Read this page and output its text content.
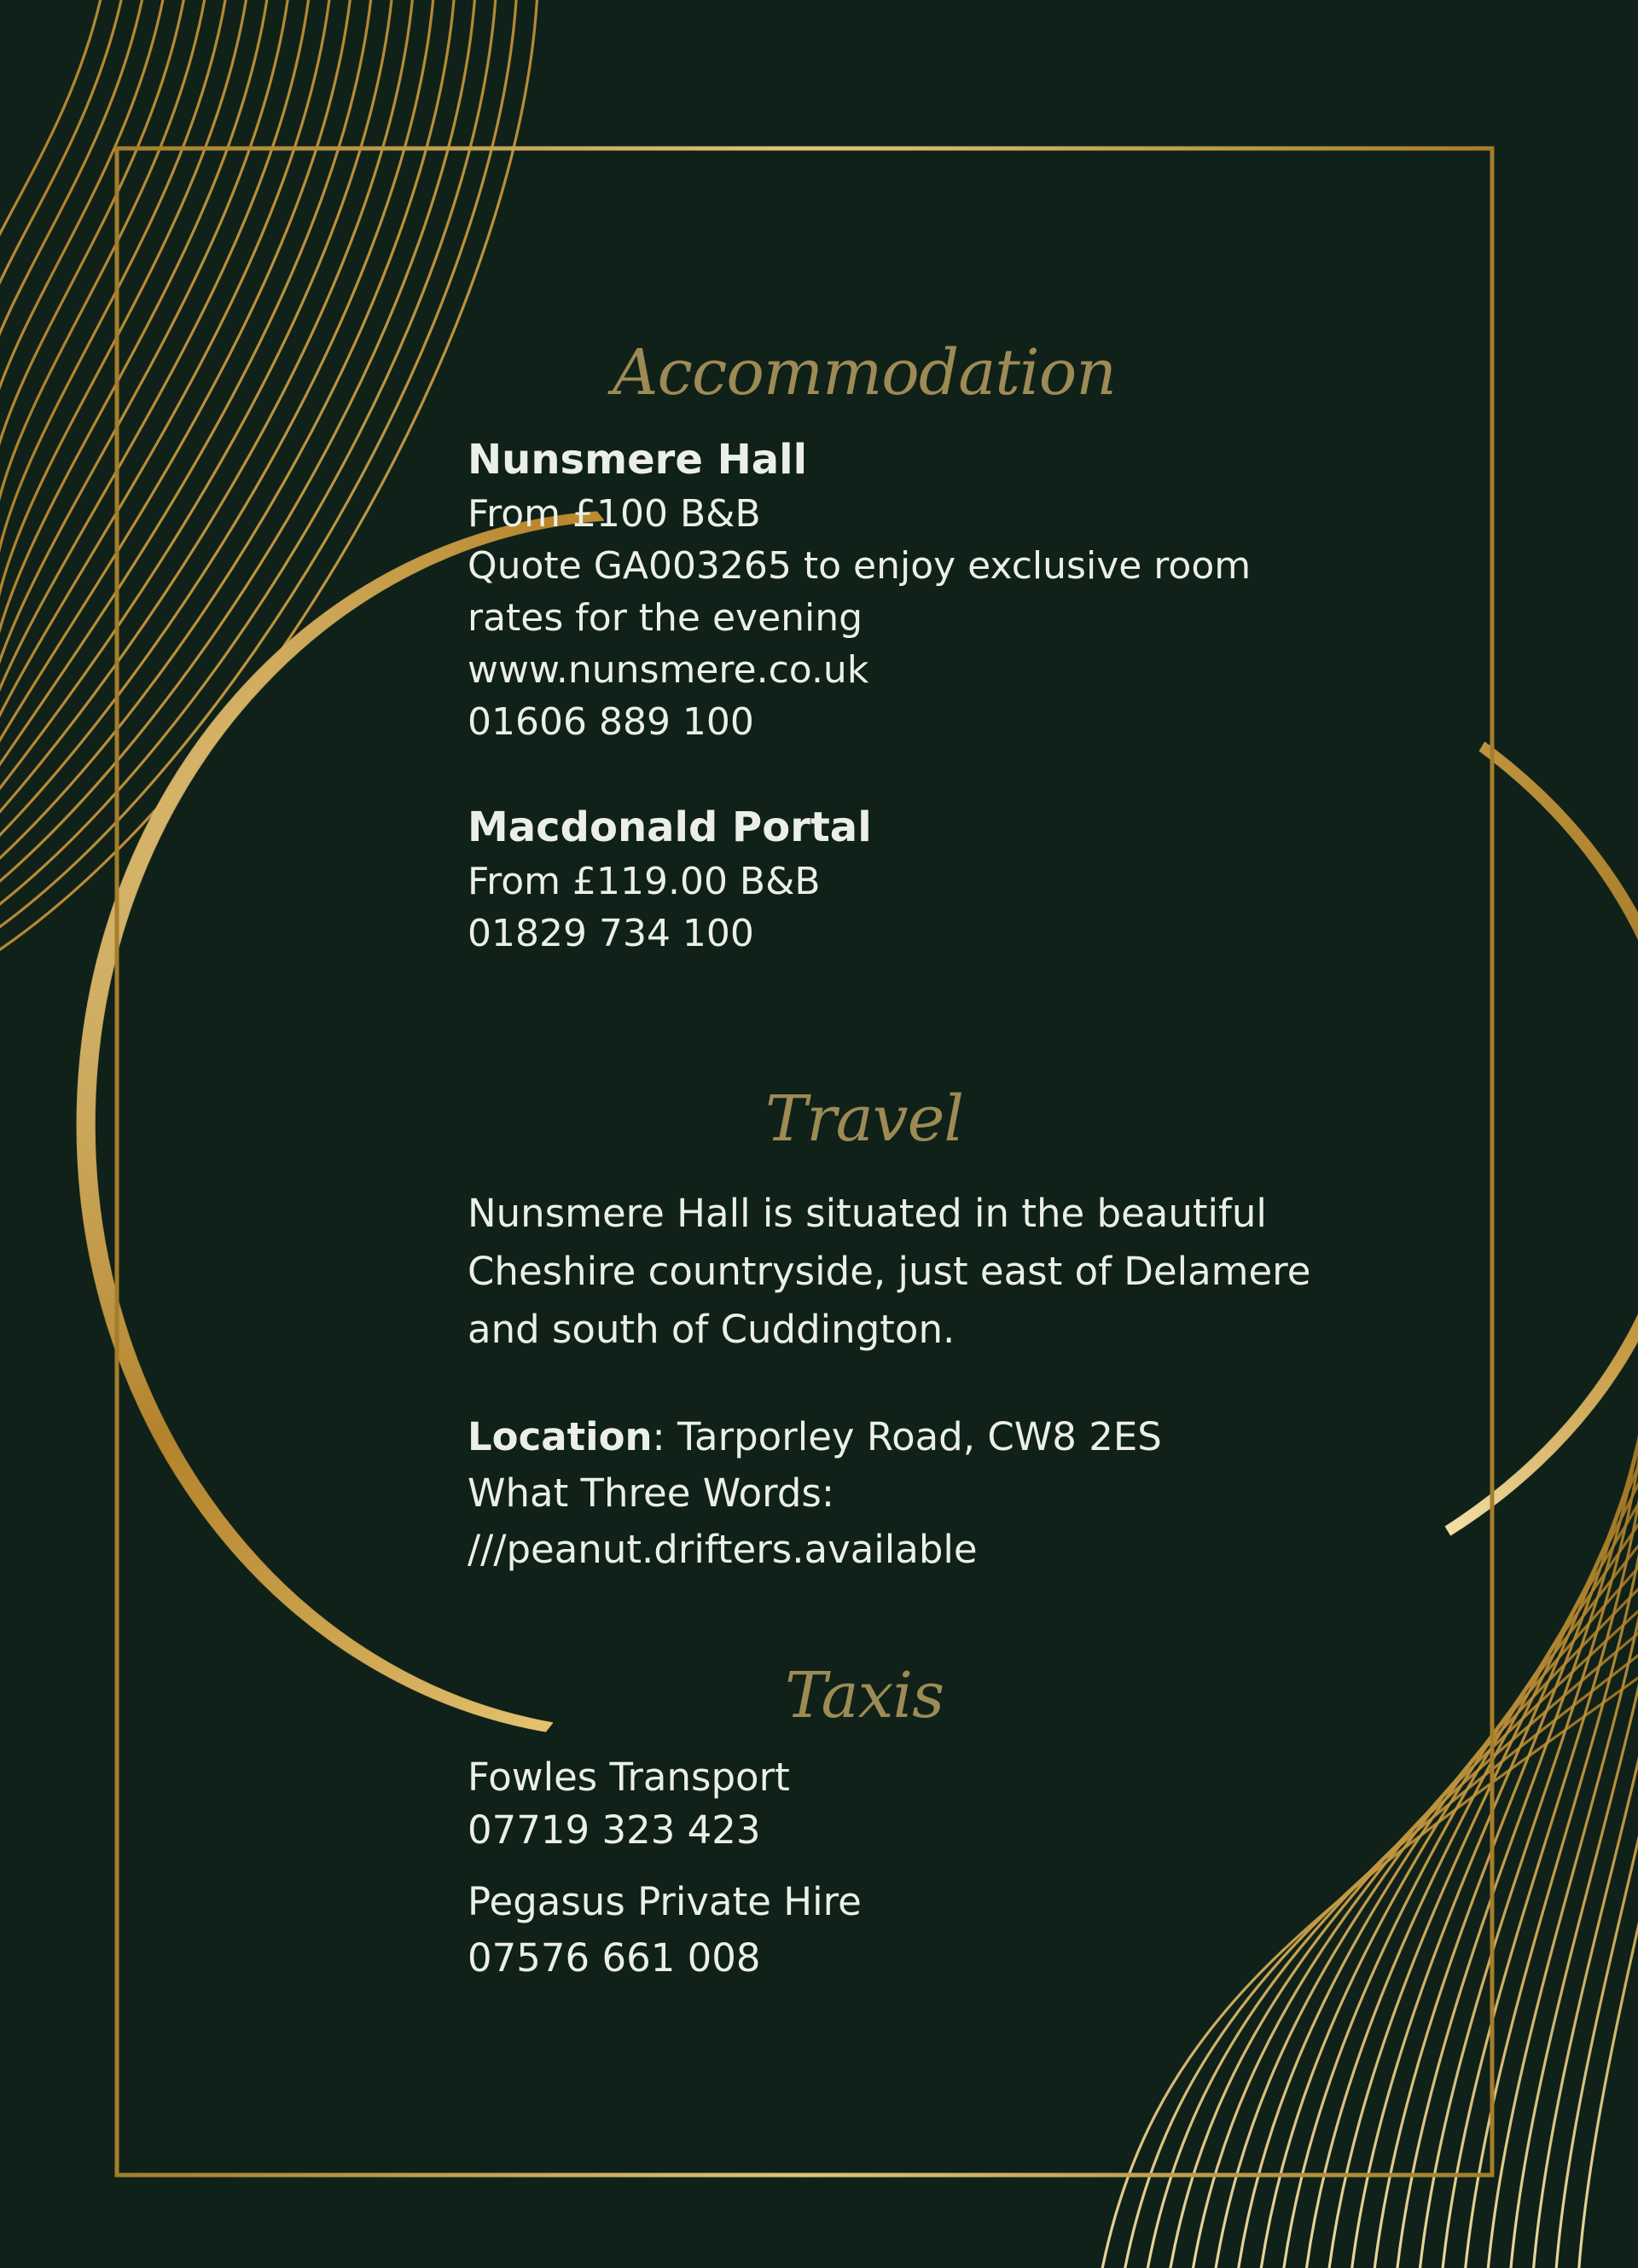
Accommodation
Nunsmere Hall
From £100 B&B
Quote GA003265 to enjoy exclusive room
rates for the evening
www.nunsmere.co.uk
01606 889 100
Macdonald Portal
From £119.00 B&B
01829 734 100
Travel
Nunsmere Hall is situated in the beautiful
Cheshire countryside, just east of Delamere
and south of Cuddington.
Location: Tarporley Road, CW8 2ES
What Three Words:
///peanut.drifters.available
Taxis
Fowles Transport
07719 323 423
Pegasus Private Hire
07576 661 008
